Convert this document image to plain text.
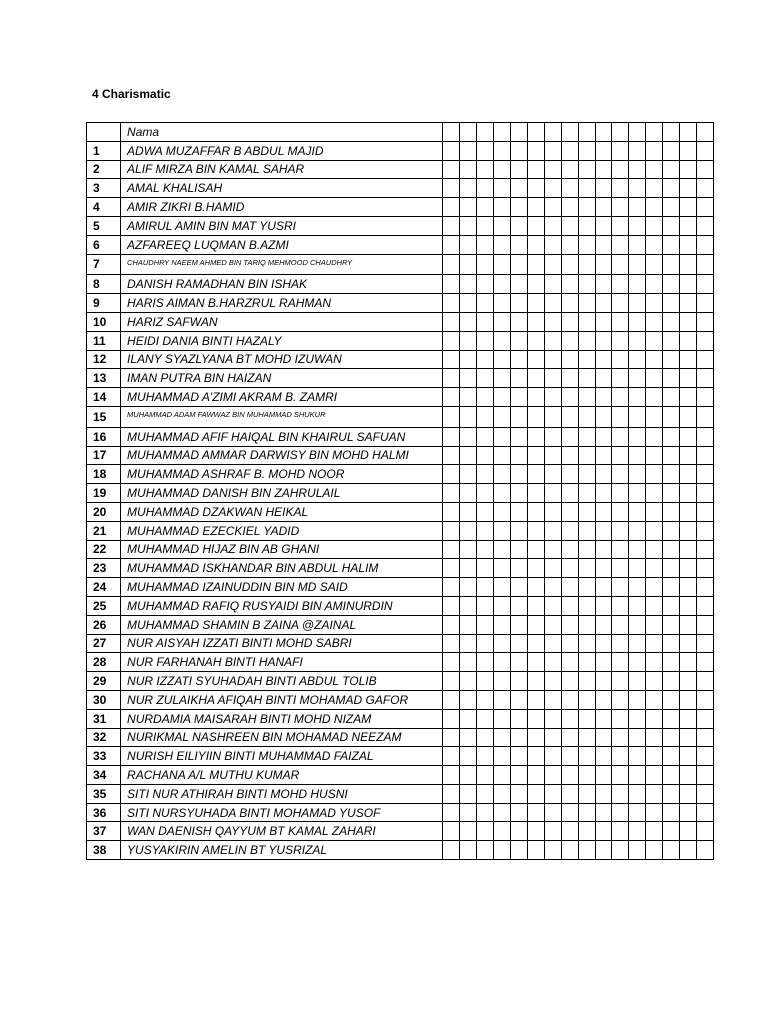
4 Charismatic
	Nama																
1	ADWA MUZAFFAR B ABDUL MAJID																
2	ALIF MIRZA BIN KAMAL SAHAR																
3	AMAL KHALISAH																
4	AMIR ZIKRI B.HAMID																
5	AMIRUL AMIN BIN MAT YUSRI																
6	AZFAREEQ LUQMAN B.AZMI																
7	CHAUDHRY NAEEM AHMED BIN TARIQ MEHMOOD CHAUDHRY																
8	DANISH RAMADHAN BIN ISHAK																
9	HARIS AIMAN B.HARZRUL RAHMAN																
10	HARIZ SAFWAN																
11	HEIDI DANIA BINTI HAZALY																
12	ILANY SYAZLYANA BT MOHD IZUWAN																
13	IMAN PUTRA BIN HAIZAN																
14	MUHAMMAD A'ZIMI AKRAM B. ZAMRI																
15	MUHAMMAD ADAM FAWWAZ BIN MUHAMMAD SHUKUR																
16	MUHAMMAD AFIF HAIQAL BIN KHAIRUL SAFUAN																
17	MUHAMMAD AMMAR DARWISY BIN MOHD HALMI																
18	MUHAMMAD ASHRAF B. MOHD NOOR																
19	MUHAMMAD DANISH BIN ZAHRULAIL																
20	MUHAMMAD DZAKWAN HEIKAL																
21	MUHAMMAD EZECKIEL YADID																
22	MUHAMMAD HIJAZ BIN AB GHANI																
23	MUHAMMAD ISKHANDAR BIN ABDUL HALIM																
24	MUHAMMAD IZAINUDDIN BIN MD SAID																
25	MUHAMMAD RAFIQ RUSYAIDI BIN AMINURDIN																
26	MUHAMMAD SHAMIN B ZAINA @ZAINAL																
27	NUR AISYAH IZZATI BINTI MOHD SABRI																
28	NUR FARHANAH BINTI HANAFI																
29	NUR IZZATI SYUHADAH BINTI ABDUL TOLIB																
30	NUR ZULAIKHA AFIQAH BINTI MOHAMAD GAFOR																
31	NURDAMIA MAISARAH BINTI MOHD NIZAM																
32	NURIKMAL NASHREEN BIN MOHAMAD NEEZAM																
33	NURISH EILIYIIN BINTI MUHAMMAD FAIZAL																
34	RACHANA A/L MUTHU KUMAR																
35	SITI NUR ATHIRAH BINTI MOHD HUSNI																
36	SITI NURSYUHADA BINTI MOHAMAD YUSOF																
37	WAN DAENISH QAYYUM BT KAMAL ZAHARI																
38	YUSYAKIRIN AMELIN BT YUSRIZAL																
